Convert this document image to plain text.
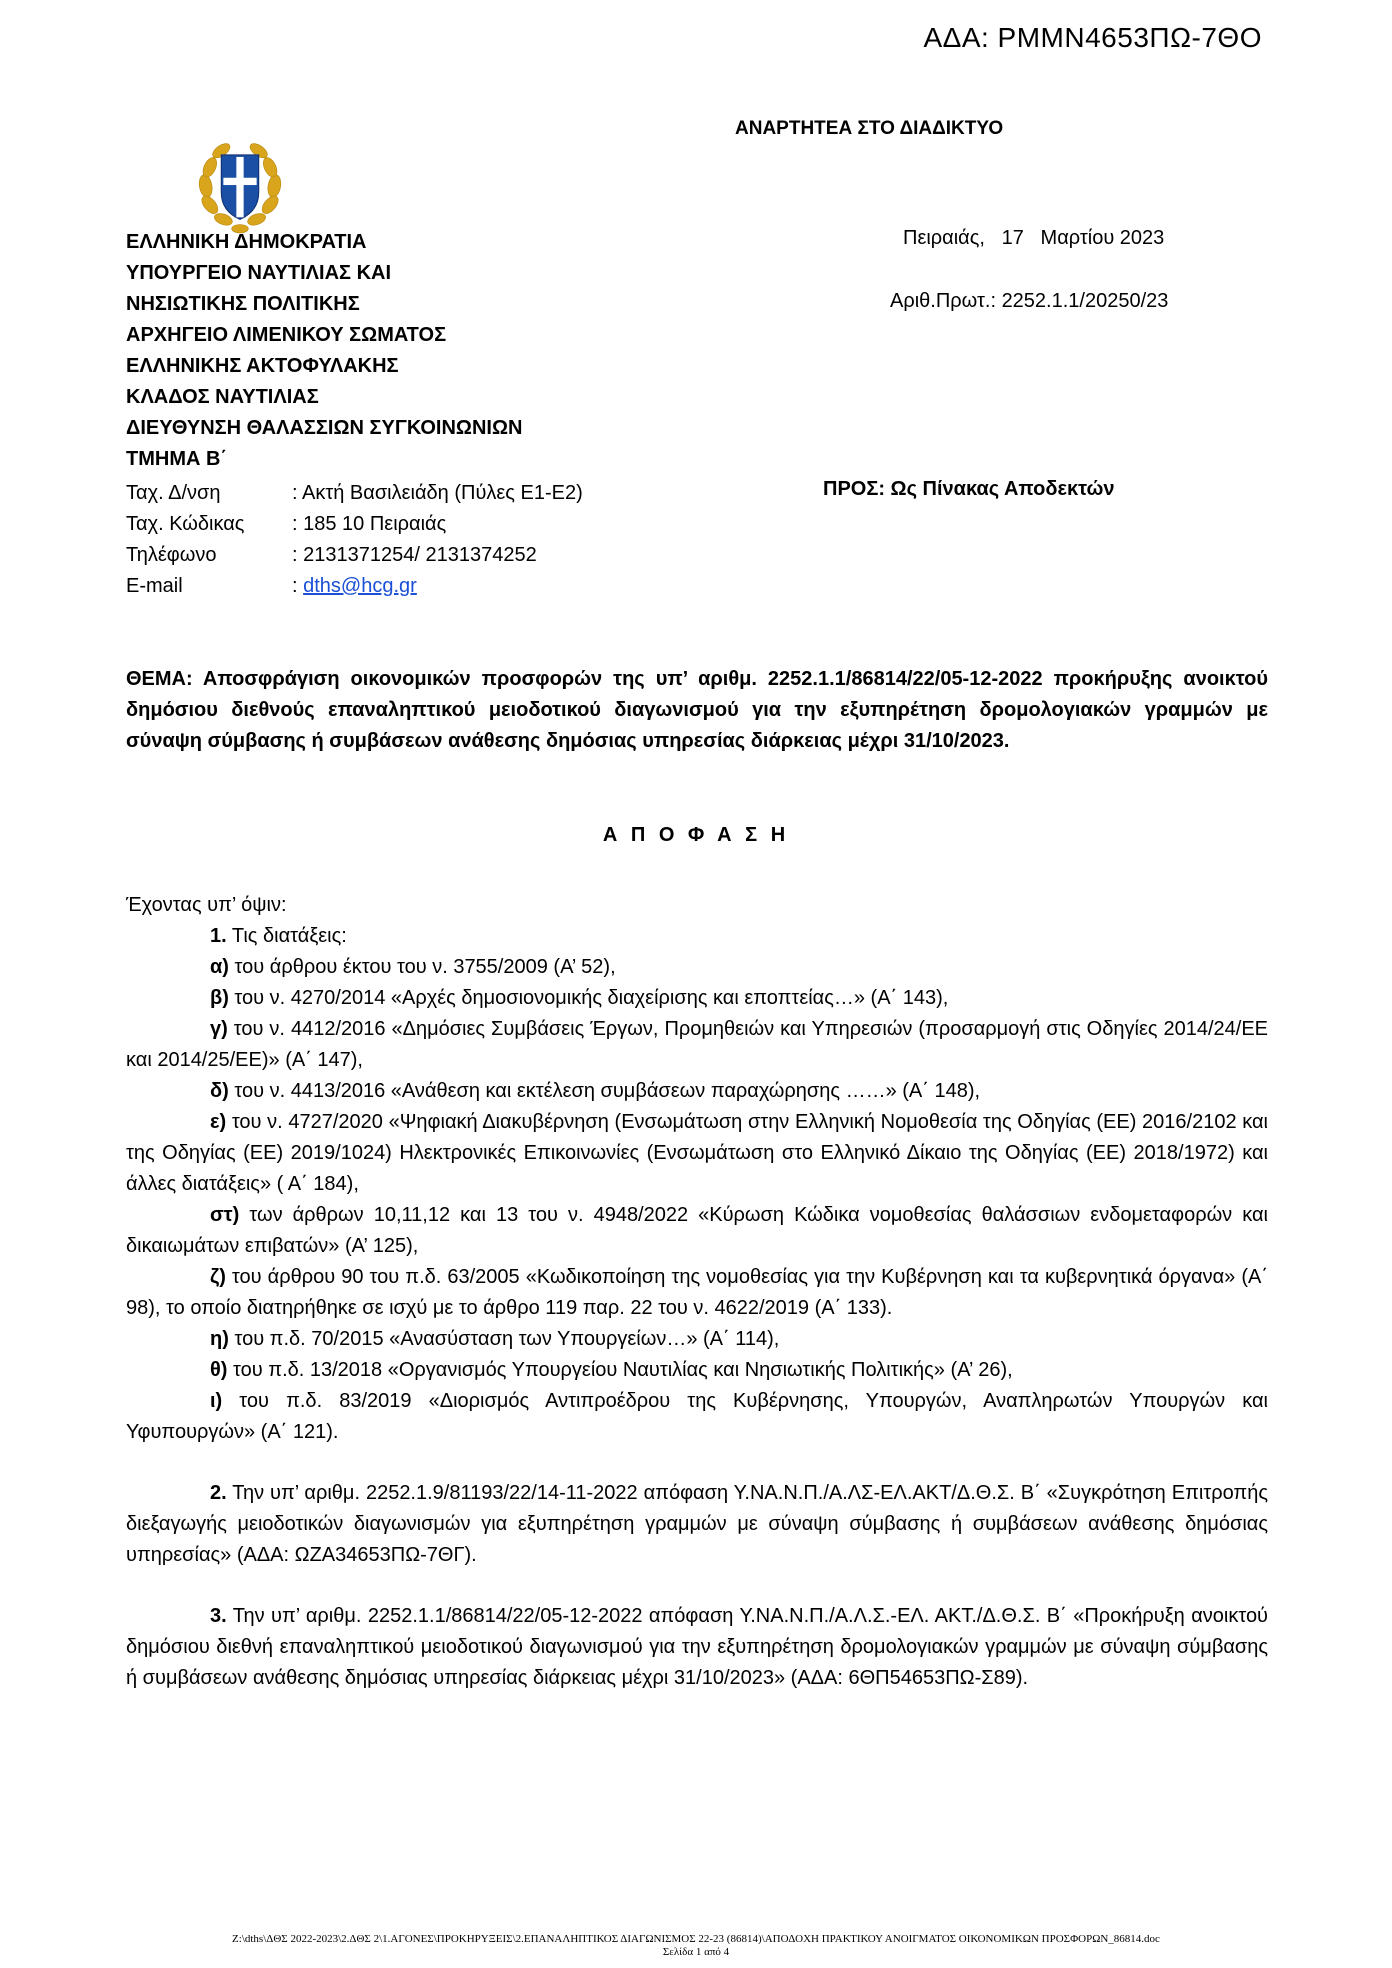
ΑΔΑ: ΡΜΜΝ4653ΠΩ-7ΘΟ
ΑΝΑΡΤΗΤΕΑ ΣΤΟ ΔΙΑΔΙΚΤΥΟ
ΕΛΛΗΝΙΚΗ ΔΗΜΟΚΡΑΤΙΑ
ΥΠΟΥΡΓΕΙΟ ΝΑΥΤΙΛΙΑΣ ΚΑΙ
ΝΗΣΙΩΤΙΚΗΣ ΠΟΛΙΤΙΚΗΣ
ΑΡΧΗΓΕΙΟ ΛΙΜΕΝΙΚΟΥ ΣΩΜΑΤΟΣ
ΕΛΛΗΝΙΚΗΣ ΑΚΤΟΦΥΛΑΚΗΣ
ΚΛΑΔΟΣ ΝΑΥΤΙΛΙΑΣ
ΔΙΕΥΘΥΝΣΗ ΘΑΛΑΣΣΙΩΝ ΣΥΓΚΟΙΝΩΝΙΩΝ
ΤΜΗΜΑ Β΄
Πειραιάς,   17   Μαρτίου 2023
Αριθ.Πρωτ.: 2252.1.1/20250/23
Ταχ. Δ/νση	: Ακτή Βασιλειάδη (Πύλες Ε1-Ε2)
Ταχ. Κώδικας : 185 10 Πειραιάς
Τηλέφωνο	: 2131371254/ 2131374252
E-mail	: dths@hcg.gr
ΠΡΟΣ: Ως Πίνακας Αποδεκτών
ΘΕΜΑ: Αποσφράγιση οικονομικών προσφορών της υπ’ αριθμ. 2252.1.1/86814/22/05-12-2022 προκήρυξης ανοικτού δημόσιου διεθνούς επαναληπτικού μειοδοτικού διαγωνισμού για την εξυπηρέτηση δρομολογιακών γραμμών με σύναψη σύμβασης ή συμβάσεων ανάθεσης δημόσιας υπηρεσίας διάρκειας μέχρι 31/10/2023.
Α Π Ο Φ Α Σ Η

Έχοντας υπ’ όψιν:

1. Τις διατάξεις:

α) του άρθρου έκτου του ν. 3755/2009 (Α’ 52),

β) του ν. 4270/2014 «Αρχές δημοσιονομικής διαχείρισης και εποπτείας…» (Α΄ 143),

γ) του ν. 4412/2016 «Δημόσιες Συμβάσεις Έργων, Προμηθειών και Υπηρεσιών (προσαρμογή στις Οδηγίες 2014/24/ΕΕ και 2014/25/ΕΕ)» (Α΄ 147),

δ) του ν. 4413/2016 «Ανάθεση και εκτέλεση συμβάσεων παραχώρησης ……» (Α΄ 148),

ε) του ν. 4727/2020 «Ψηφιακή Διακυβέρνηση (Ενσωμάτωση στην Ελληνική Νομοθεσία της Οδηγίας (ΕΕ) 2016/2102 και της Οδηγίας (ΕΕ) 2019/1024) Ηλεκτρονικές Επικοινωνίες (Ενσωμάτωση στο Ελληνικό Δίκαιο της Οδηγίας (ΕΕ) 2018/1972) και άλλες διατάξεις» ( Α΄ 184),

στ) των άρθρων 10,11,12 και 13 του ν. 4948/2022 «Κύρωση Κώδικα νομοθεσίας θαλάσσιων ενδομεταφορών και δικαιωμάτων επιβατών» (Α’ 125),

ζ) του άρθρου 90 του π.δ. 63/2005 «Κωδικοποίηση της νομοθεσίας για την Κυβέρνηση και τα κυβερνητικά όργανα» (Α΄ 98), το οποίο διατηρήθηκε σε ισχύ με το άρθρο 119 παρ. 22 του ν. 4622/2019 (Α΄ 133).

η) του π.δ. 70/2015 «Ανασύσταση των Υπουργείων…» (Α΄ 114),

θ) του π.δ. 13/2018 «Οργανισμός Υπουργείου Ναυτιλίας και Νησιωτικής Πολιτικής» (Α’ 26),

ι) του π.δ. 83/2019 «Διορισμός Αντιπροέδρου της Κυβέρνησης, Υπουργών, Αναπληρωτών Υπουργών και Υφυπουργών» (Α΄ 121).

2. Την υπ’ αριθμ. 2252.1.9/81193/22/14-11-2022 απόφαση Υ.ΝΑ.Ν.Π./Α.ΛΣ-ΕΛ.ΑΚΤ/Δ.Θ.Σ. Β΄ «Συγκρότηση Επιτροπής διεξαγωγής μειοδοτικών διαγωνισμών για εξυπηρέτηση γραμμών με σύναψη σύμβασης ή συμβάσεων ανάθεσης δημόσιας υπηρεσίας» (ΑΔΑ: ΩΖΑ34653ΠΩ-7ΘΓ).

3. Την υπ’ αριθμ. 2252.1.1/86814/22/05-12-2022 απόφαση Υ.ΝΑ.Ν.Π./Α.Λ.Σ.-ΕΛ. ΑΚΤ./Δ.Θ.Σ. Β΄ «Προκήρυξη ανοικτού δημόσιου διεθνή επαναληπτικού μειοδοτικού διαγωνισμού για την εξυπηρέτηση δρομολογιακών γραμμών με σύναψη σύμβασης ή συμβάσεων ανάθεσης δημόσιας υπηρεσίας διάρκειας μέχρι 31/10/2023» (ΑΔΑ: 6ΘΠ54653ΠΩ-Σ89).

Z:\dths\ΔΘΣ 2022-2023\2.ΔΘΣ 2\1.ΑΓΟΝΕΣ\ΠΡΟΚΗΡΥΞΕΙΣ\2.ΕΠΑΝΑΛΗΠΤΙΚΟΣ ΔΙΑΓΩΝΙΣΜΟΣ 22-23 (86814)\ΑΠΟΔΟΧΗ ΠΡΑΚΤΙΚΟΥ ΑΝΟΙΓΜΑΤΟΣ ΟΙΚΟΝΟΜΙΚΩΝ ΠΡΟΣΦΟΡΩΝ_86814.doc
Σελίδα 1 από 4
